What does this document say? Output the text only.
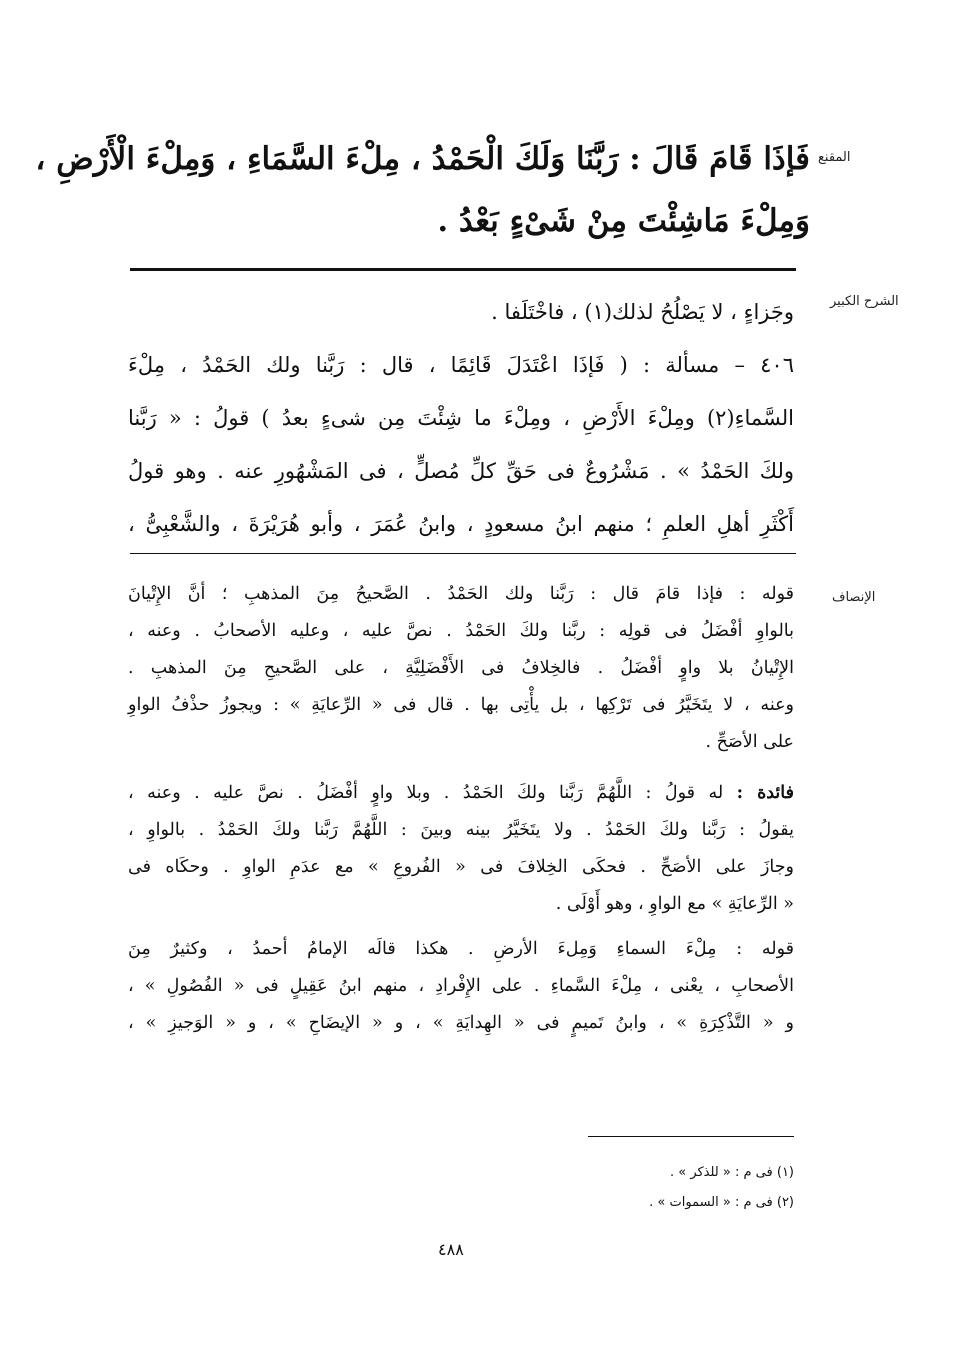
المقنع
فَإذَا قَامَ قَالَ : رَبَّنَا وَلَكَ الْحَمْدُ ، مِلْءَ السَّمَاءِ ، وَمِلْءَ الْأَرْضِ ،
وَمِلْءَ مَاشِئْتَ مِنْ شَىْءٍ بَعْدُ .
الشرح الكبير
وجَزاءٍ ، لا يَصْلُحُ لذلك(١) ، فاخْتَلَفا .
٤٠٦ – مسألة : ( فَإذَا اعْتَدَلَ قَائِمًا ، قال : رَبَّنا ولك الحَمْدُ ، مِلْءَ
السَّماءِ(٢) ومِلْءَ الأَرْضِ ، ومِلْءَ ما شِئْتَ مِن شىءٍ بعدُ ) قولُ : « رَبَّنا
ولكَ الحَمْدُ » . مَشْرُوعٌ فى حَقِّ كلِّ مُصلٍّ ، فى المَشْهُورِ عنه . وهو قولُ
أَكْثَرِ أهلِ العلمِ ؛ منهم ابنُ مسعودٍ ، وابنُ عُمَرَ ، وأبو هُرَيْرَةَ ، والشَّعْبِىُّ ،
الإنصاف
قوله : فإذا قامَ قال : رَبَّنا ولك الحَمْدُ . الصَّحيحُ مِنَ المذهبِ ؛ أنَّ الإِتْيانَ
بالواوِ أفْضَلُ فى قولِه : ربَّنا ولكَ الحَمْدُ . نصَّ عليه ، وعليه الأصحابُ . وعنه ،
الإِتْيانُ بلا واوٍ أفْضَلُ . فالخِلافُ فى الأَفْضَلِيَّةِ ، على الصَّحيحِ مِنَ المذهبِ .
وعنه ، لا يتَخَيَّرُ فى تَرْكِها ، بل يأْتِى بها . قال فى « الرِّعايَةِ » : ويجوزُ حذْفُ الواوِ
على الأصَحِّ .
فائدة : له قولُ : اللَّهُمَّ رَبَّنا ولكَ الحَمْدُ . وبلا واوٍ أفْضَلُ . نصَّ عليه . وعنه ،
يقولُ : رَبَّنا ولكَ الحَمْدُ . ولا يتَخَيَّرُ بينه وبينَ : اللَّهُمَّ رَبَّنا ولكَ الحَمْدُ . بالواوِ ،
وجازَ على الأصَحِّ . فحكَى الخِلافَ فى « الفُروعِ » مع عدَمِ الواوِ . وحكَاه فى
« الرِّعايَةِ » مع الواوِ ، وهو أَوْلَى .
قوله : مِلْءَ السماءِ وَمِلءَ الأرضِ . هكذا قالَه الإمامُ أحمدُ ، وكثيرٌ مِنَ
الأصحابِ ، يعْنى ، مِلْءَ السَّماءِ . على الإِفْرادِ ، منهم ابنُ عَقِيلٍ فى « الفُصُولِ » ،
و « التَّذْكِرَةِ » ، وابنُ تَميمٍ فى « الهِدايَةِ » ، و « الإيضَاحِ » ، و « الوَجيزِ » ،
(١) فى م : « للذكر » .
(٢) فى م : « السموات » .
٤٨٨
